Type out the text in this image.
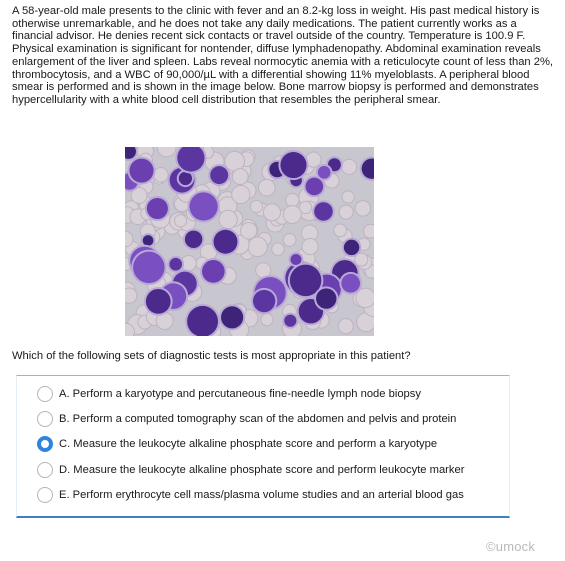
A 58-year-old male presents to the clinic with fever and an 8.2-kg loss in weight. His past medical history is otherwise unremarkable, and he does not take any daily medications. The patient currently works as a financial advisor. He denies recent sick contacts or travel outside of the country. Temperature is 100.9 F. Physical examination is significant for nontender, diffuse lymphadenopathy. Abdominal examination reveals enlargement of the liver and spleen. Labs reveal normocytic anemia with a reticulocyte count of less than 2%, thrombocytosis, and a WBC of 90,000/µL with a differential showing 11% myeloblasts. A peripheral blood smear is performed and is shown in the image below. Bone marrow biopsy is performed and demonstrates hypercellularity with a white blood cell distribution that resembles the peripheral smear.

Which of the following sets of diagnostic tests is most appropriate in this patient?

A. Perform a karyotype and percutaneous fine-needle lymph node biopsy
B. Perform a computed tomography scan of the abdomen and pelvis and protein
C. Measure the leukocyte alkaline phosphate score and perform a karyotype
D. Measure the leukocyte alkaline phosphate score and perform leukocyte marker
E. Perform erythrocyte cell mass/plasma volume studies and an arterial blood gas
©umock
